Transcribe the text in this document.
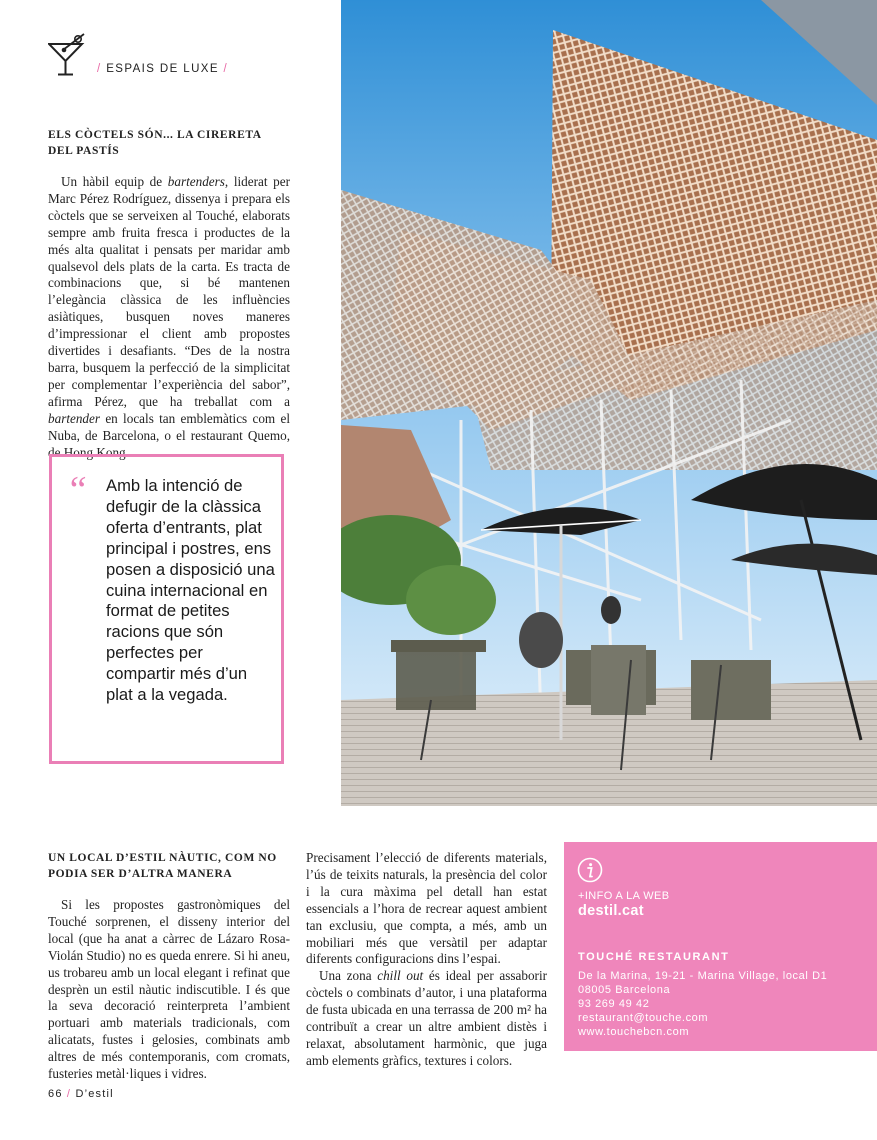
/ ESPAIS DE LUXE /
ELS CÒCTELS SÓN... LA CIRERETA DEL PASTÍS

Un hàbil equip de bartenders, liderat per Marc Pérez Rodríguez, dissenya i prepara els còctels que se serveixen al Touché, elaborats sempre amb fruita fresca i productes de la més alta qualitat i pensats per maridar amb qualsevol dels plats de la carta. Es tracta de combinacions que, si bé mantenen l’elegància clàssica de les influències asiàtiques, busquen noves maneres d’impressionar el client amb propostes divertides i desafiants. “Des de la nostra barra, busquem la perfecció de la simplicitat per complementar l’experiència del sabor”, afirma Pérez, que ha treballat com a bartender en locals tan emblemàtics com el Nuba, de Barcelona, o el restaurant Quemo, de Hong Kong.

“ Amb la intenció de defugir de la clàssica oferta d’entrants, plat principal i postres, ens posen a disposició una cuina internacional en format de petites racions que són perfectes per compartir més d’un plat a la vegada.
UN LOCAL D’ESTIL NÀUTIC, COM NO PODIA SER D’ALTRA MANERA

Si les propostes gastronòmiques del Touché sorprenen, el disseny interior del local (que ha anat a càrrec de Lázaro Rosa-Violán Studio) no es queda enrere. Si hi aneu, us trobareu amb un local elegant i refinat que desprèn un estil nàutic indiscutible. I és que la seva decoració reinterpreta l’ambient portuari amb materials tradicionals, com alicatats, fustes i gelosies, combinats amb altres de més contemporanis, com cromats, fusteries metàl·liques i vidres.

Precisament l’elecció de diferents materials, l’ús de teixits naturals, la presència del color i la cura màxima pel detall han estat essencials a l’hora de recrear aquest ambient tan exclusiu, que compta, a més, amb un mobiliari més que versàtil per adaptar diferents configuracions dins l’espai.

Una zona chill out és ideal per assaborir còctels o combinats d’autor, i una plataforma de fusta ubicada en una terrassa de 200 m² ha contribuït a crear un altre ambient distès i relaxat, absolutament harmònic, que juga amb elements gràfics, textures i colors.

+INFO A LA WEB
destil.cat
TOUCHÉ RESTAURANT
De la Marina, 19-21 - Marina Village, local D1
08005 Barcelona
93 269 49 42
restaurant@touche.com
www.touchebcn.com
66 / D’estil
